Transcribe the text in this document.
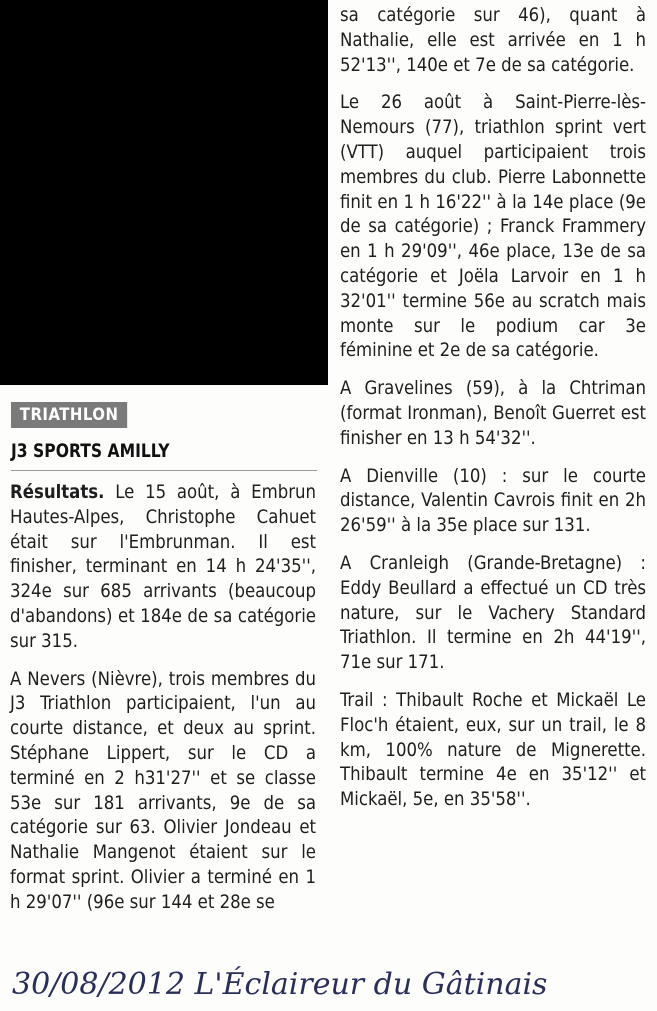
TRIATHLON
J3 SPORTS AMILLY

Résultats. Le 15 août, à Embrun Hautes-Alpes, Christophe Cahuet était sur l'Embrunman. Il est finisher, terminant en 14 h 24'35'', 324e sur 685 arrivants (beaucoup d'abandons) et 184e de sa catégorie sur 315.

A Nevers (Nièvre), trois membres du J3 Triathlon participaient, l'un au courte distance, et deux au sprint. Stéphane Lippert, sur le CD a terminé en 2 h31'27'' et se classe 53e sur 181 arrivants, 9e de sa catégorie sur 63. Olivier Jondeau et Nathalie Mangenot étaient sur le format sprint. Olivier a terminé en 1 h 29'07'' (96e sur 144 et 28e se

sa catégorie sur 46), quant à Nathalie, elle est arrivée en 1 h 52'13'', 140e et 7e de sa catégorie.

Le 26 août à Saint-Pierre-lès-Nemours (77), triathlon sprint vert (VTT) auquel participaient trois membres du club. Pierre Labonnette finit en 1 h 16'22'' à la 14e place (9e de sa catégorie) ; Franck Frammery en 1 h 29'09'', 46e place, 13e de sa catégorie et Joëla Larvoir en 1 h 32'01'' termine 56e au scratch mais monte sur le podium car 3e féminine et 2e de sa catégorie.

A Gravelines (59), à la Chtriman (format Ironman), Benoît Guerret est finisher en 13 h 54'32''.

A Dienville (10) : sur le courte distance, Valentin Cavrois finit en 2h 26'59'' à la 35e place sur 131.

A Cranleigh (Grande-Bretagne) : Eddy Beullard a effectué un CD très nature, sur le Vachery Standard Triathlon. Il termine en 2h 44'19'', 71e sur 171.

Trail : Thibault Roche et Mickaël Le Floc'h étaient, eux, sur un trail, le 8 km, 100% nature de Mignerette. Thibault termine 4e en 35'12'' et Mickaël, 5e, en 35'58''.

30/08/2012 L'Éclaireur du Gâtinais
